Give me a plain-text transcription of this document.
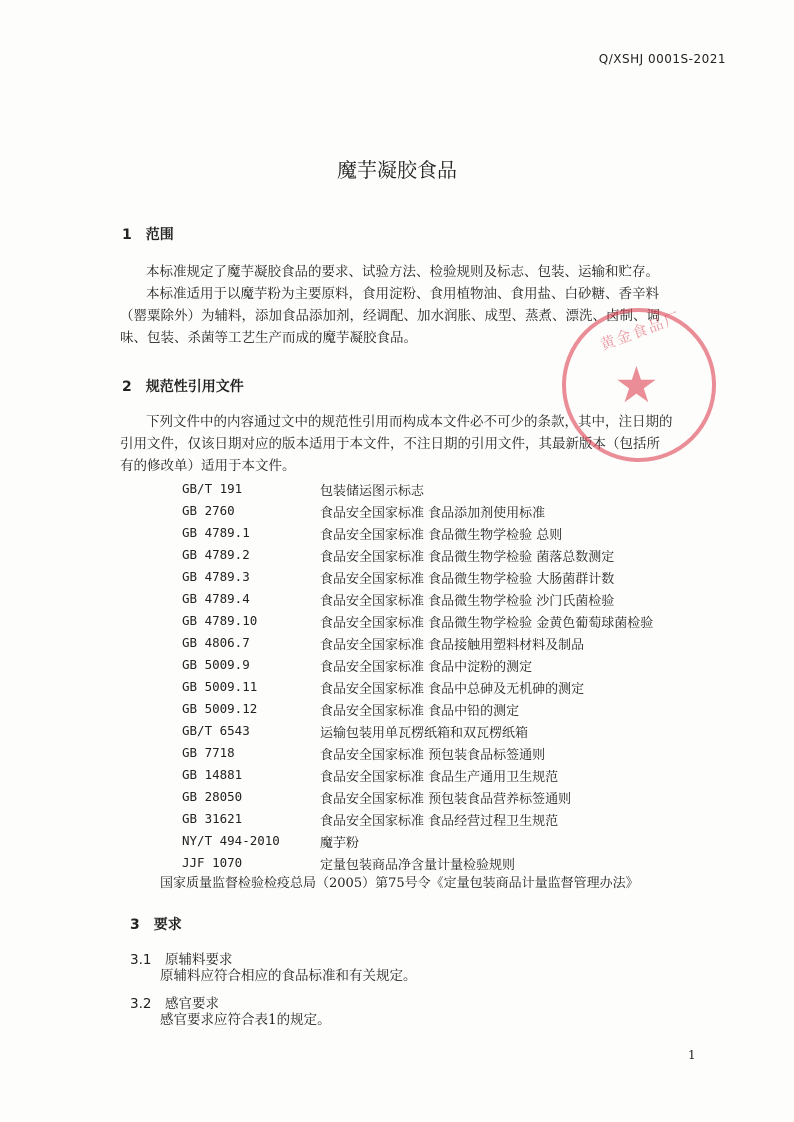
Q/XSHJ 0001S-2021
魔芋凝胶食品
1　范围
本标准规定了魔芋凝胶食品的要求、试验方法、检验规则及标志、包装、运输和贮存。
本标准适用于以魔芋粉为主要原料，食用淀粉、食用植物油、食用盐、白砂糖、香辛料
（罂粟除外）为辅料，添加食品添加剂，经调配、加水润胀、成型、蒸煮、漂洗、卤制、调
味、包装、杀菌等工艺生产而成的魔芋凝胶食品。
2　规范性引用文件
下列文件中的内容通过文中的规范性引用而构成本文件必不可少的条款，其中，注日期的
引用文件，仅该日期对应的版本适用于本文件，不注日期的引用文件，其最新版本（包括所
有的修改单）适用于本文件。
GB/T 191	包装储运图示标志
GB 2760	食品安全国家标准 食品添加剂使用标准
GB 4789.1	食品安全国家标准 食品微生物学检验 总则
GB 4789.2	食品安全国家标准 食品微生物学检验 菌落总数测定
GB 4789.3	食品安全国家标准 食品微生物学检验 大肠菌群计数
GB 4789.4	食品安全国家标准 食品微生物学检验 沙门氏菌检验
GB 4789.10	食品安全国家标准 食品微生物学检验 金黄色葡萄球菌检验
GB 4806.7	食品安全国家标准 食品接触用塑料材料及制品
GB 5009.9	食品安全国家标准 食品中淀粉的测定
GB 5009.11	食品安全国家标准 食品中总砷及无机砷的测定
GB 5009.12	食品安全国家标准 食品中铅的测定
GB/T 6543	运输包装用单瓦楞纸箱和双瓦楞纸箱
GB 7718	食品安全国家标准 预包装食品标签通则
GB 14881	食品安全国家标准 食品生产通用卫生规范
GB 28050	食品安全国家标准 预包装食品营养标签通则
GB 31621	食品安全国家标准 食品经营过程卫生规范
NY/T 494-2010	魔芋粉
JJF 1070	定量包装商品净含量计量检验规则
国家质量监督检验检疫总局（2005）第75号令《定量包装商品计量监督管理办法》
3　要求
3.1　原辅料要求
原辅料应符合相应的食品标准和有关规定。
3.2　感官要求
感官要求应符合表1的规定。
★
黄金食品厂
1
